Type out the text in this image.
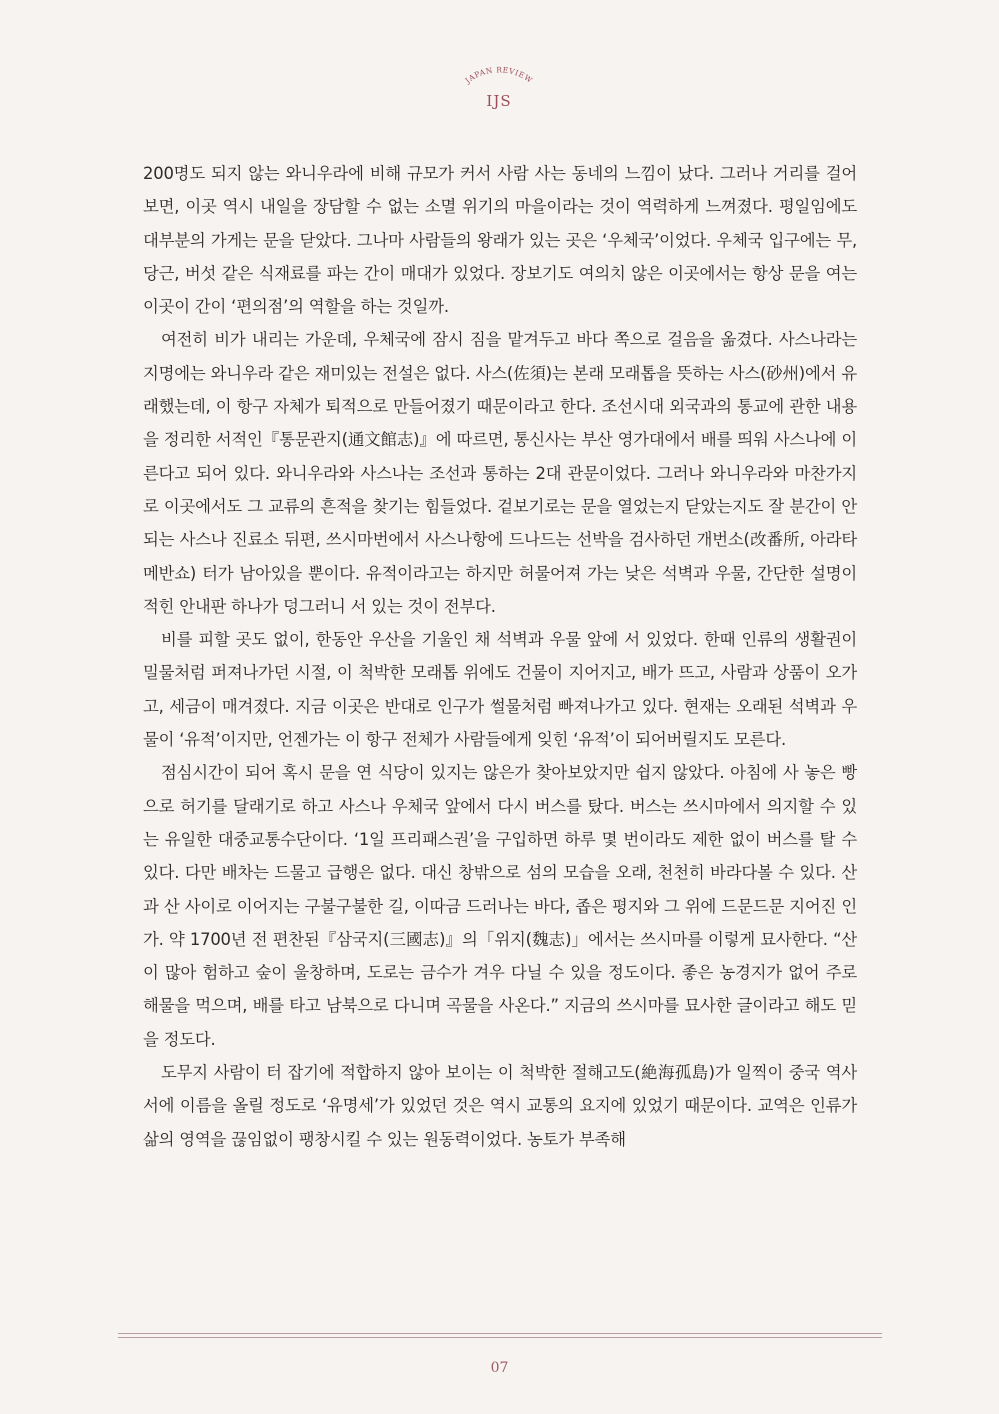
JAPAN REVIEW
IJS

200명도 되지 않는 와니우라에 비해 규모가 커서 사람 사는 동네의 느낌이 났다. 그러나 거리를 걸어보면, 이곳 역시 내일을 장담할 수 없는 소멸 위기의 마을이라는 것이 역력하게 느껴졌다. 평일임에도 대부분의 가게는 문을 닫았다. 그나마 사람들의 왕래가 있는 곳은 ‘우체국’이었다. 우체국 입구에는 무, 당근, 버섯 같은 식재료를 파는 간이 매대가 있었다. 장보기도 여의치 않은 이곳에서는 항상 문을 여는 이곳이 간이 ‘편의점’의 역할을 하는 것일까.

여전히 비가 내리는 가운데, 우체국에 잠시 짐을 맡겨두고 바다 쪽으로 걸음을 옮겼다. 사스나라는 지명에는 와니우라 같은 재미있는 전설은 없다. 사스(佐須)는 본래 모래톱을 뜻하는 사스(砂州)에서 유래했는데, 이 항구 자체가 퇴적으로 만들어졌기 때문이라고 한다. 조선시대 외국과의 통교에 관한 내용을 정리한 서적인『통문관지(通文館志)』에 따르면, 통신사는 부산 영가대에서 배를 띄워 사스나에 이른다고 되어 있다. 와니우라와 사스나는 조선과 통하는 2대 관문이었다. 그러나 와니우라와 마찬가지로 이곳에서도 그 교류의 흔적을 찾기는 힘들었다. 겉보기로는 문을 열었는지 닫았는지도 잘 분간이 안 되는 사스나 진료소 뒤편, 쓰시마번에서 사스나항에 드나드는 선박을 검사하던 개번소(改番所, 아라타메반쇼) 터가 남아있을 뿐이다. 유적이라고는 하지만 허물어져 가는 낮은 석벽과 우물, 간단한 설명이 적힌 안내판 하나가 덩그러니 서 있는 것이 전부다.

비를 피할 곳도 없이, 한동안 우산을 기울인 채 석벽과 우물 앞에 서 있었다. 한때 인류의 생활권이 밀물처럼 퍼져나가던 시절, 이 척박한 모래톱 위에도 건물이 지어지고, 배가 뜨고, 사람과 상품이 오가고, 세금이 매겨졌다. 지금 이곳은 반대로 인구가 썰물처럼 빠져나가고 있다. 현재는 오래된 석벽과 우물이 ‘유적’이지만, 언젠가는 이 항구 전체가 사람들에게 잊힌 ‘유적’이 되어버릴지도 모른다.

점심시간이 되어 혹시 문을 연 식당이 있지는 않은가 찾아보았지만 쉽지 않았다. 아침에 사 놓은 빵으로 허기를 달래기로 하고 사스나 우체국 앞에서 다시 버스를 탔다. 버스는 쓰시마에서 의지할 수 있는 유일한 대중교통수단이다. ‘1일 프리패스권’을 구입하면 하루 몇 번이라도 제한 없이 버스를 탈 수 있다. 다만 배차는 드물고 급행은 없다. 대신 창밖으로 섬의 모습을 오래, 천천히 바라다볼 수 있다. 산과 산 사이로 이어지는 구불구불한 길, 이따금 드러나는 바다, 좁은 평지와 그 위에 드문드문 지어진 인가. 약 1700년 전 편찬된『삼국지(三國志)』의「위지(魏志)」에서는 쓰시마를 이렇게 묘사한다. “산이 많아 험하고 숲이 울창하며, 도로는 금수가 겨우 다닐 수 있을 정도이다. 좋은 농경지가 없어 주로 해물을 먹으며, 배를 타고 남북으로 다니며 곡물을 사온다.” 지금의 쓰시마를 묘사한 글이라고 해도 믿을 정도다.

도무지 사람이 터 잡기에 적합하지 않아 보이는 이 척박한 절해고도(絶海孤島)가 일찍이 중국 역사서에 이름을 올릴 정도로 ‘유명세’가 있었던 것은 역시 교통의 요지에 있었기 때문이다. 교역은 인류가 삶의 영역을 끊임없이 팽창시킬 수 있는 원동력이었다. 농토가 부족해

07
